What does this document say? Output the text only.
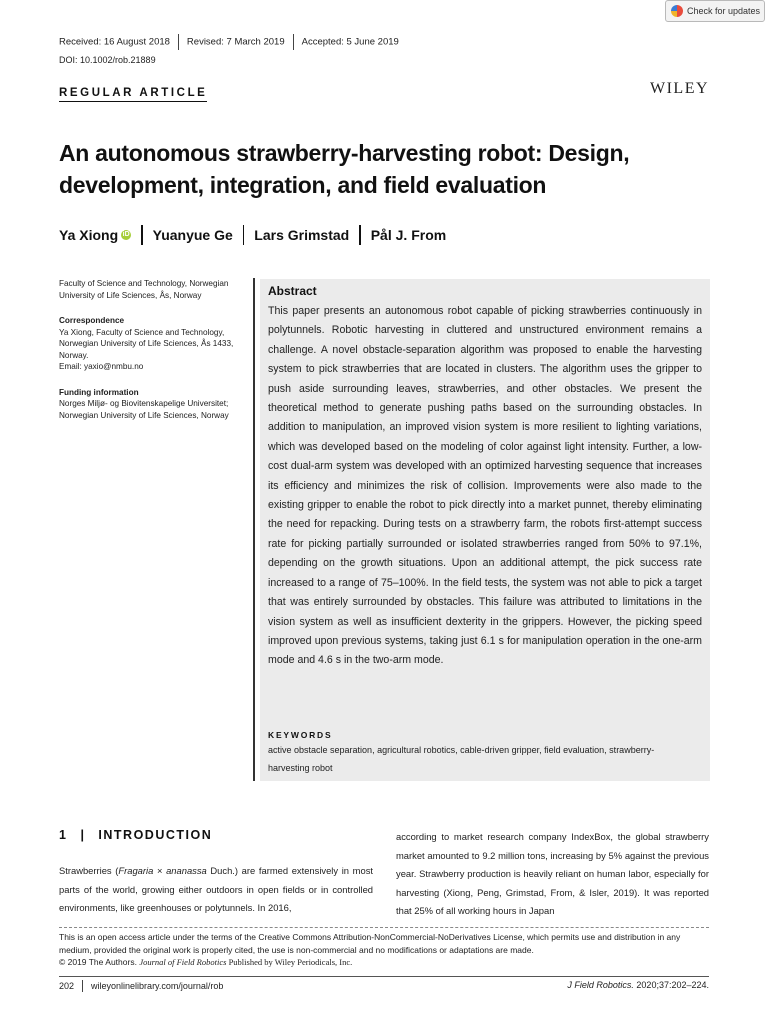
Check for updates
Received: 16 August 2018 Revised: 7 March 2019 Accepted: 5 June 2019
DOI: 10.1002/rob.21889
REGULAR ARTICLE	WILEY
An autonomous strawberry-harvesting robot: Design,
development, integration, and field evaluation
Ya Xiong iD Yuanyue Ge Lars Grimstad Pål J. From
Faculty of Science and Technology, Norwegian University of Life Sciences, Ås, Norway
Correspondence
Ya Xiong, Faculty of Science and Technology, Norwegian University of Life Sciences, Ås 1433, Norway.
Email: yaxio@nmbu.no
Funding information
Norges Miljø- og Biovitenskapelige Universitet; Norwegian University of Life Sciences, Norway
Abstract
This paper presents an autonomous robot capable of picking strawberries continuously in polytunnels. Robotic harvesting in cluttered and unstructured environment remains a challenge. A novel obstacle-separation algorithm was proposed to enable the harvesting system to pick strawberries that are located in clusters. The algorithm uses the gripper to push aside surrounding leaves, strawberries, and other obstacles. We present the theoretical method to generate pushing paths based on the surrounding obstacles. In addition to manipulation, an improved vision system is more resilient to lighting variations, which was developed based on the modeling of color against light intensity. Further, a low-cost dual-arm system was developed with an optimized harvesting sequence that increases its efficiency and minimizes the risk of collision. Improvements were also made to the existing gripper to enable the robot to pick directly into a market punnet, thereby eliminating the need for repacking. During tests on a strawberry farm, the robots first-attempt success rate for picking partially surrounded or isolated strawberries ranged from 50% to 97.1%, depending on the growth situations. Upon an additional attempt, the pick success rate increased to a range of 75–100%. In the field tests, the system was not able to pick a target that was entirely surrounded by obstacles. This failure was attributed to limitations in the vision system as well as insufficient dexterity in the grippers. However, the picking speed improved upon previous systems, taking just 6.1 s for manipulation operation in the one-arm mode and 4.6 s in the two-arm mode.
KEYWORDS
active obstacle separation, agricultural robotics, cable-driven gripper, field evaluation, strawberry-harvesting robot
1 | INTRODUCTION
Strawberries (Fragaria × ananassa Duch.) are farmed extensively in most parts of the world, growing either outdoors in open fields or in controlled environments, like greenhouses or polytunnels. In 2016,
according to market research company IndexBox, the global strawberry market amounted to 9.2 million tons, increasing by 5% against the previous year. Strawberry production is heavily reliant on human labor, especially for harvesting (Xiong, Peng, Grimstad, From, & Isler, 2019). It was reported that 25% of all working hours in Japan
This is an open access article under the terms of the Creative Commons Attribution-NonCommercial-NoDerivatives License, which permits use and distribution in any medium, provided the original work is properly cited, the use is non-commercial and no modifications or adaptations are made.
© 2019 The Authors. Journal of Field Robotics Published by Wiley Periodicals, Inc.
202 wileyonlinelibrary.com/journal/rob	J Field Robotics. 2020;37:202–224.
